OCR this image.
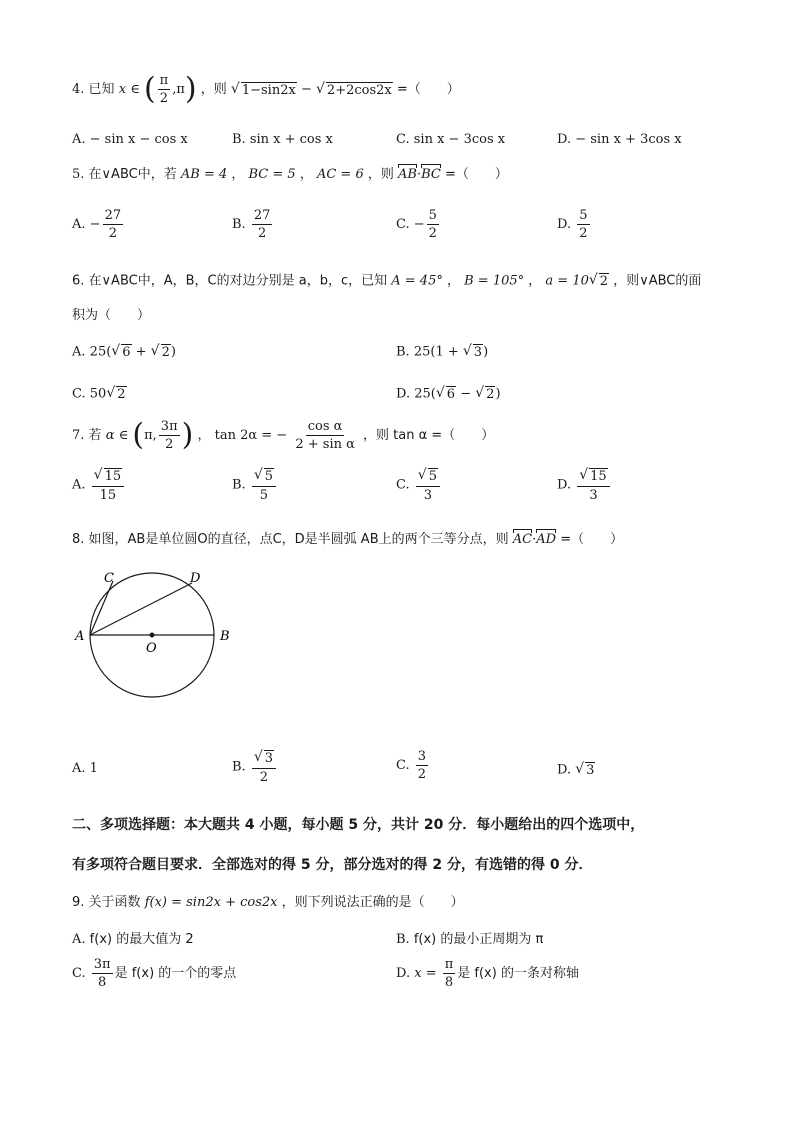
4. 已知 x ∈ ( $\frac{\pi}{2} ,\pi$) ，则 √ 1−sin2x − √ 2+2cos2x =（　　）
A. − sin x − cos x	B. sin x + cos x	C. sin x − 3cos x	D. − sin x + 3cos x
5. 在∨ABC中，若 AB = 4 ， BC = 5 ， AC = 6 ，则 AB·BC =（　　）
A. − $\frac{27}{2}$	B. $\frac{27}{2}$	C. − $\frac{5}{2}$	D. $\frac{5}{2}$
6. 在∨ABC中，A，B，C的对边分别是 a，b，c，已知 A = 45° ， B = 105° ， a = 10 √ 2 ，则∨ABC的面
积为（　　）
A. 25( √ 6 + √ 2 )	B. 25(1 + √ 3 )
C. 50 √ 2	D. 25( √ 6 − √ 2 )
7. 若 α ∈ (π, $\frac{3\pi}{2}$ ) ， tan 2α = − $\frac{\text{cos α}}{\text{2 + sin α}}$ ，则 tan α =（　　）
A. $\frac{√ 15}{15}$	B. $\frac{√ 5}{5}$	C. $\frac{√ 5}{3}$	D. $\frac{√ 15}{3}$
8. 如图，AB是单位圆O的直径，点C，D是半圆弧 AB上的两个三等分点，则 AC·AD =（　　）
A	B
C	D
O
A. 1	B. $\frac{√ 3}{2}$	C. $\frac{3}{2}$	D. √ 3
二、多项选择题：本大题共 4 小题，每小题 5 分，共计 20 分．每小题给出的四个选项中，
有多项符合题目要求．全部选对的得 5 分，部分选对的得 2 分，有选错的得 0 分．
9. 关于函数 f(x) = sin2x + cos2x ，则下列说法正确的是（　　）
A. f(x) 的最大值为 2	B. f(x) 的最小正周期为 π
C. $\frac{3\pi}{8}$ 是 f(x) 的一个的零点	D. $x = \frac{\pi}{8}$ 是 f(x) 的一条对称轴
